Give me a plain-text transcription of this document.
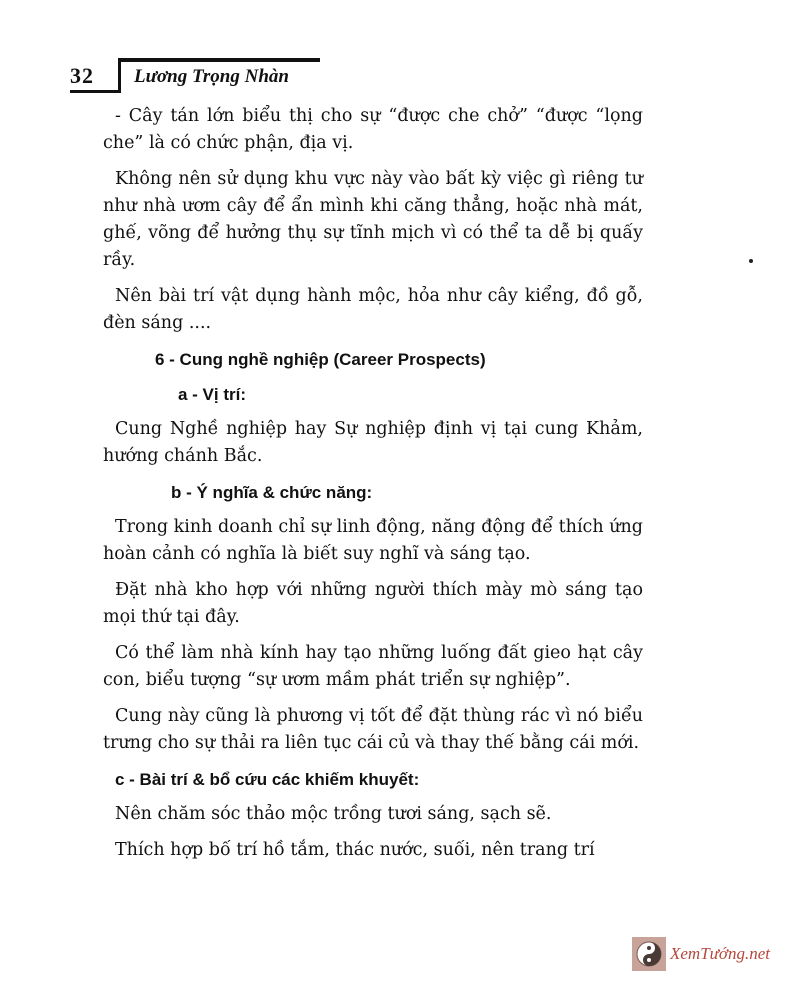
32 Lương Trọng Nhàn

- Cây tán lớn biểu thị cho sự “được che chở” “được “lọng che” là có chức phận, địa vị.

Không nên sử dụng khu vực này vào bất kỳ việc gì riêng tư như nhà ươm cây để ẩn mình khi căng thẳng, hoặc nhà mát, ghế, võng để hưởng thụ sự tĩnh mịch vì có thể ta dễ bị quấy rầy.

Nên bài trí vật dụng hành mộc, hỏa như cây kiểng, đồ gỗ, đèn sáng ....

6 - Cung nghề nghiệp (Career Prospects)
a - Vị trí:

Cung Nghề nghiệp hay Sự nghiệp định vị tại cung Khảm, hướng chánh Bắc.

b - Ý nghĩa & chức năng:

Trong kinh doanh chỉ sự linh động, năng động để thích ứng hoàn cảnh có nghĩa là biết suy nghĩ và sáng tạo.

Đặt nhà kho hợp với những người thích mày mò sáng tạo mọi thứ tại đây.

Có thể làm nhà kính hay tạo những luống đất gieo hạt cây con, biểu tượng “sự ươm mầm phát triển sự nghiệp”.

Cung này cũng là phương vị tốt để đặt thùng rác vì nó biểu trưng cho sự thải ra liên tục cái củ và thay thế bằng cái mới.

c - Bài trí & bổ cứu các khiếm khuyết:

Nên chăm sóc thảo mộc trồng tươi sáng, sạch sẽ.

Thích hợp bố trí hồ tắm, thác nước, suối, nên trang trí

XemTướng.net
